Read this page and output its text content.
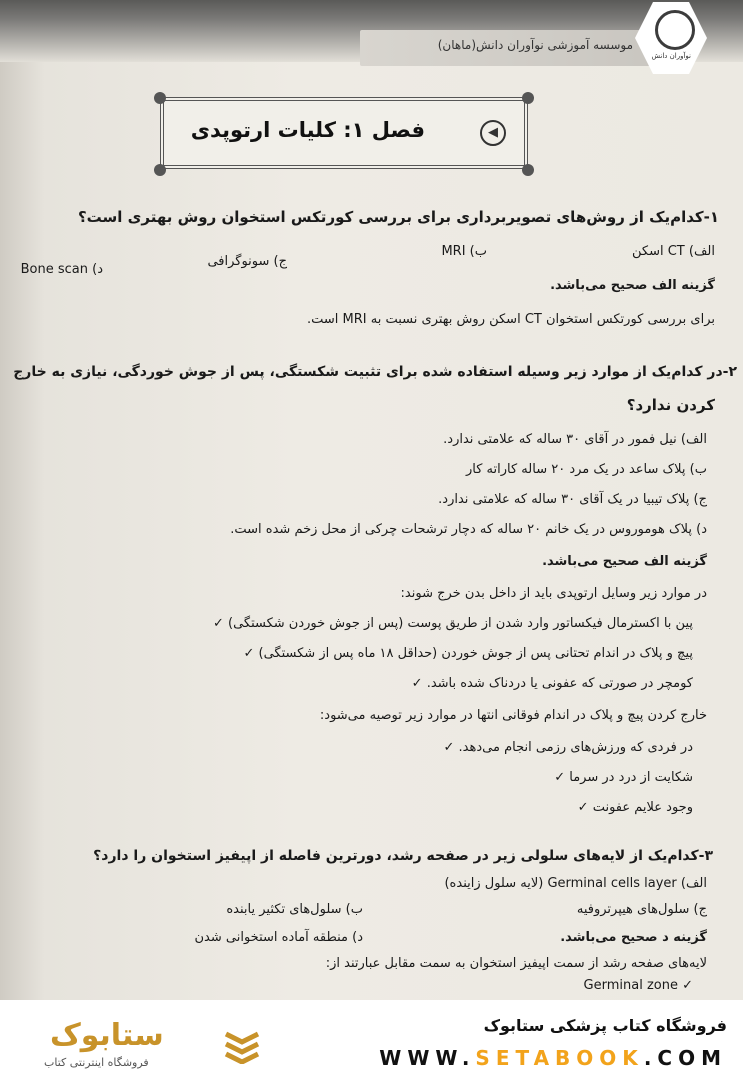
موسسه آموزشی نوآوران دانش(ماهان)
نوآوران دانش
فصل ۱: کلیات ارتوپدی	◀
۱-کدام‌یک از روش‌های تصویربرداری برای بررسی کورتکس استخوان روش بهتری است؟
الف) CT اسکن
ب) MRI
ج) سونوگرافی
د) Bone scan
گزینه الف صحیح می‌باشد.
برای بررسی کورتکس استخوان CT اسکن روش بهتری نسبت به MRI است.
۲-در کدام‌یک از موارد زیر وسیله استفاده شده برای تثبیت شکستگی، پس از جوش خوردگی، نیازی به خارج
کردن ندارد؟
الف) نیل فمور در آقای ۳۰ ساله که علامتی ندارد.
ب) پلاک ساعد در یک مرد ۲۰ ساله کاراته کار
ج) پلاک تیبیا در یک آقای ۳۰ ساله که علامتی ندارد.
د) پلاک هوموروس در یک خانم ۲۰ ساله که دچار ترشحات چرکی از محل زخم شده است.
گزینه الف صحیح می‌باشد.
در موارد زیر وسایل ارتوپدی باید از داخل بدن خرج شوند:
پین با اکسترمال فیکساتور وارد شدن از طریق پوست (پس از جوش خوردن شکستگی) ✓
پیچ و پلاک در اندام تحتانی پس از جوش خوردن (حداقل ۱۸ ماه پس از شکستگی) ✓
کومچر در صورتی که عفونی یا دردناک شده باشد. ✓
خارج کردن پیچ و پلاک در اندام فوقانی انتها در موارد زیر توصیه می‌شود:
در فردی که ورزش‌های رزمی انجام می‌دهد. ✓
شکایت از درد در سرما ✓
وجود علایم عفونت ✓
۳-کدام‌یک از لایه‌های سلولی زیر در صفحه رشد، دورترین فاصله از اپیفیز استخوان را دارد؟
الف) Germinal cells layer (لایه سلول زاینده)
ب) سلول‌های تکثیر یابنده	ج) سلول‌های هیپرتروفیه
د) منطقه آماده استخوانی شدن	گزینه د صحیح می‌باشد.
لایه‌های صفحه رشد از سمت اپیفیز استخوان به سمت مقابل عبارتند از:
Germinal zone ✓
فروشگاه کتاب پزشکی ستابوک
WWW.SETABOOK.COM
ستابوک
فروشگاه اینترنتی کتاب
